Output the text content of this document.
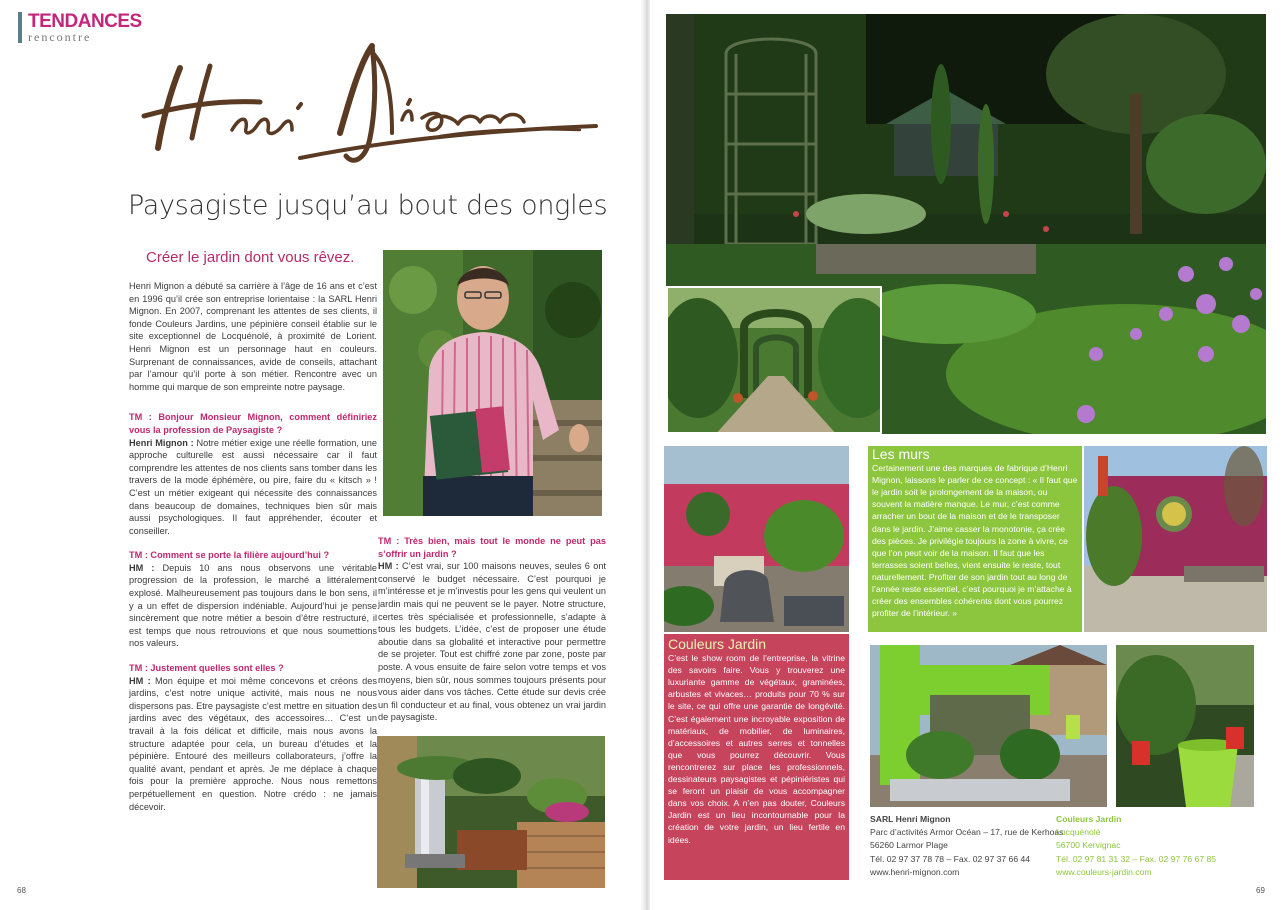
TENDANCES
rencontre
Paysagiste jusqu’au bout des ongles
Créer le jardin dont vous rêvez.

Henri Mignon a débuté sa carrière à l’âge de 16 ans et c’est en 1996 qu’il crée son entreprise lorientaise : la SARL Henri Mignon. En 2007, comprenant les attentes de ses clients, il fonde Couleurs Jardins, une pépinière conseil établie sur le site exceptionnel de Locquénolé, à proximité de Lorient. Henri Mignon est un personnage haut en couleurs. Surprenant de connaissances, avide de conseils, attachant par l’amour qu’il porte à son métier. Rencontre avec un homme qui marque de son empreinte notre paysage.

TM : Bonjour Monsieur Mignon, comment définiriez vous la profession de Paysagiste ?
Henri Mignon : Notre métier exige une réelle formation, une approche culturelle est aussi nécessaire car il faut comprendre les attentes de nos clients sans tomber dans les travers de la mode éphémère, ou pire, faire du « kitsch » ! C’est un métier exigeant qui nécessite des connaissances dans beaucoup de domaines, techniques bien sûr mais aussi psychologiques. Il faut appréhender, écouter et conseiller.

TM : Comment se porte la filière aujourd’hui ?
HM : Depuis 10 ans nous observons une véritable progression de la profession, le marché a littéralement explosé. Malheureusement pas toujours dans le bon sens, il y a un effet de dispersion indéniable. Aujourd’hui je pense sincèrement que notre métier a besoin d’être restructuré, il est temps que nous retrouvions et que nous soumettions nos valeurs.

TM : Justement quelles sont elles ?
HM : Mon équipe et moi même concevons et créons des jardins, c’est notre unique activité, mais nous ne nous dispersons pas. Etre paysagiste c’est mettre en situation des jardins avec des végétaux, des accessoires… C’est un travail à la fois délicat et difficile, mais nous avons la structure adaptée pour cela, un bureau d’études et la pépinière. Entouré des meilleurs collaborateurs, j’offre la qualité avant, pendant et après. Je me déplace à chaque fois pour la première approche. Nous nous remettons perpétuellement en question. Notre crédo : ne jamais décevoir.

TM : Très bien, mais tout le monde ne peut pas s’offrir un jardin ?
HM : C’est vrai, sur 100 maisons neuves, seules 6 ont conservé le budget nécessaire. C’est pourquoi je m’intéresse et je m’investis pour les gens qui veulent un jardin mais qui ne peuvent se le payer. Notre structure, certes très spécialisée et professionnelle, s’adapte à tous les budgets. L’idée, c’est de proposer une étude aboutie dans sa globalité et interactive pour permettre de se projeter. Tout est chiffré zone par zone, poste par poste. A vous ensuite de faire selon votre temps et vos moyens, bien sûr, nous sommes toujours présents pour vous aider dans vos tâches. Cette étude sur devis crée un fil conducteur et au final, vous obtenez un vrai jardin de paysagiste.

68	69
Les murs
Certainement une des marques de fabrique d’Henri Mignon, laissons le parler de ce concept : « Il faut que le jardin soit le prolongement de la maison, ou souvent la matière manque. Le mur, c’est comme arracher un bout de la maison et de le transposer dans le jardin. J’aime casser la monotonie, ça crée des pièces. Je privilégie toujours la zone à vivre, ce que l’on peut voir de la maison. Il faut que les terrasses soient belles, vient ensuite le reste, tout naturellement. Profiter de son jardin tout au long de l’année reste essentiel, c’est pourquoi je m’attache à créer des ensembles cohérents dont vous pourrez profiter de l’intérieur. »
Couleurs Jardin
C’est le show room de l’entreprise, la vitrine des savoirs faire. Vous y trouverez une luxuriante gamme de végétaux, graminées, arbustes et vivaces… produits pour 70 % sur le site, ce qui offre une garantie de longévité. C’est également une incroyable exposition de matériaux, de mobilier, de luminaires, d’accessoires et autres serres et tonnelles que vous pourrez découvrir. Vous rencontrerez sur place les professionnels, dessinateurs paysagistes et pépiniéristes qui se feront un plaisir de vous accompagner dans vos choix. A n’en pas douter, Couleurs Jardin est un lieu incontournable pour la création de votre jardin, un lieu fertile en idées.
SARL Henri Mignon
Parc d’activités Armor Océan – 17, rue de Kerhoas
56260 Larmor Plage
Tél. 02 97 37 78 78 – Fax. 02 97 37 66 44
www.henri-mignon.com
Couleurs Jardin
Locquénolé
56700 Kervignac
Tél. 02 97 81 31 32 – Fax. 02 97 76 67 85
www.couleurs-jardin.com
